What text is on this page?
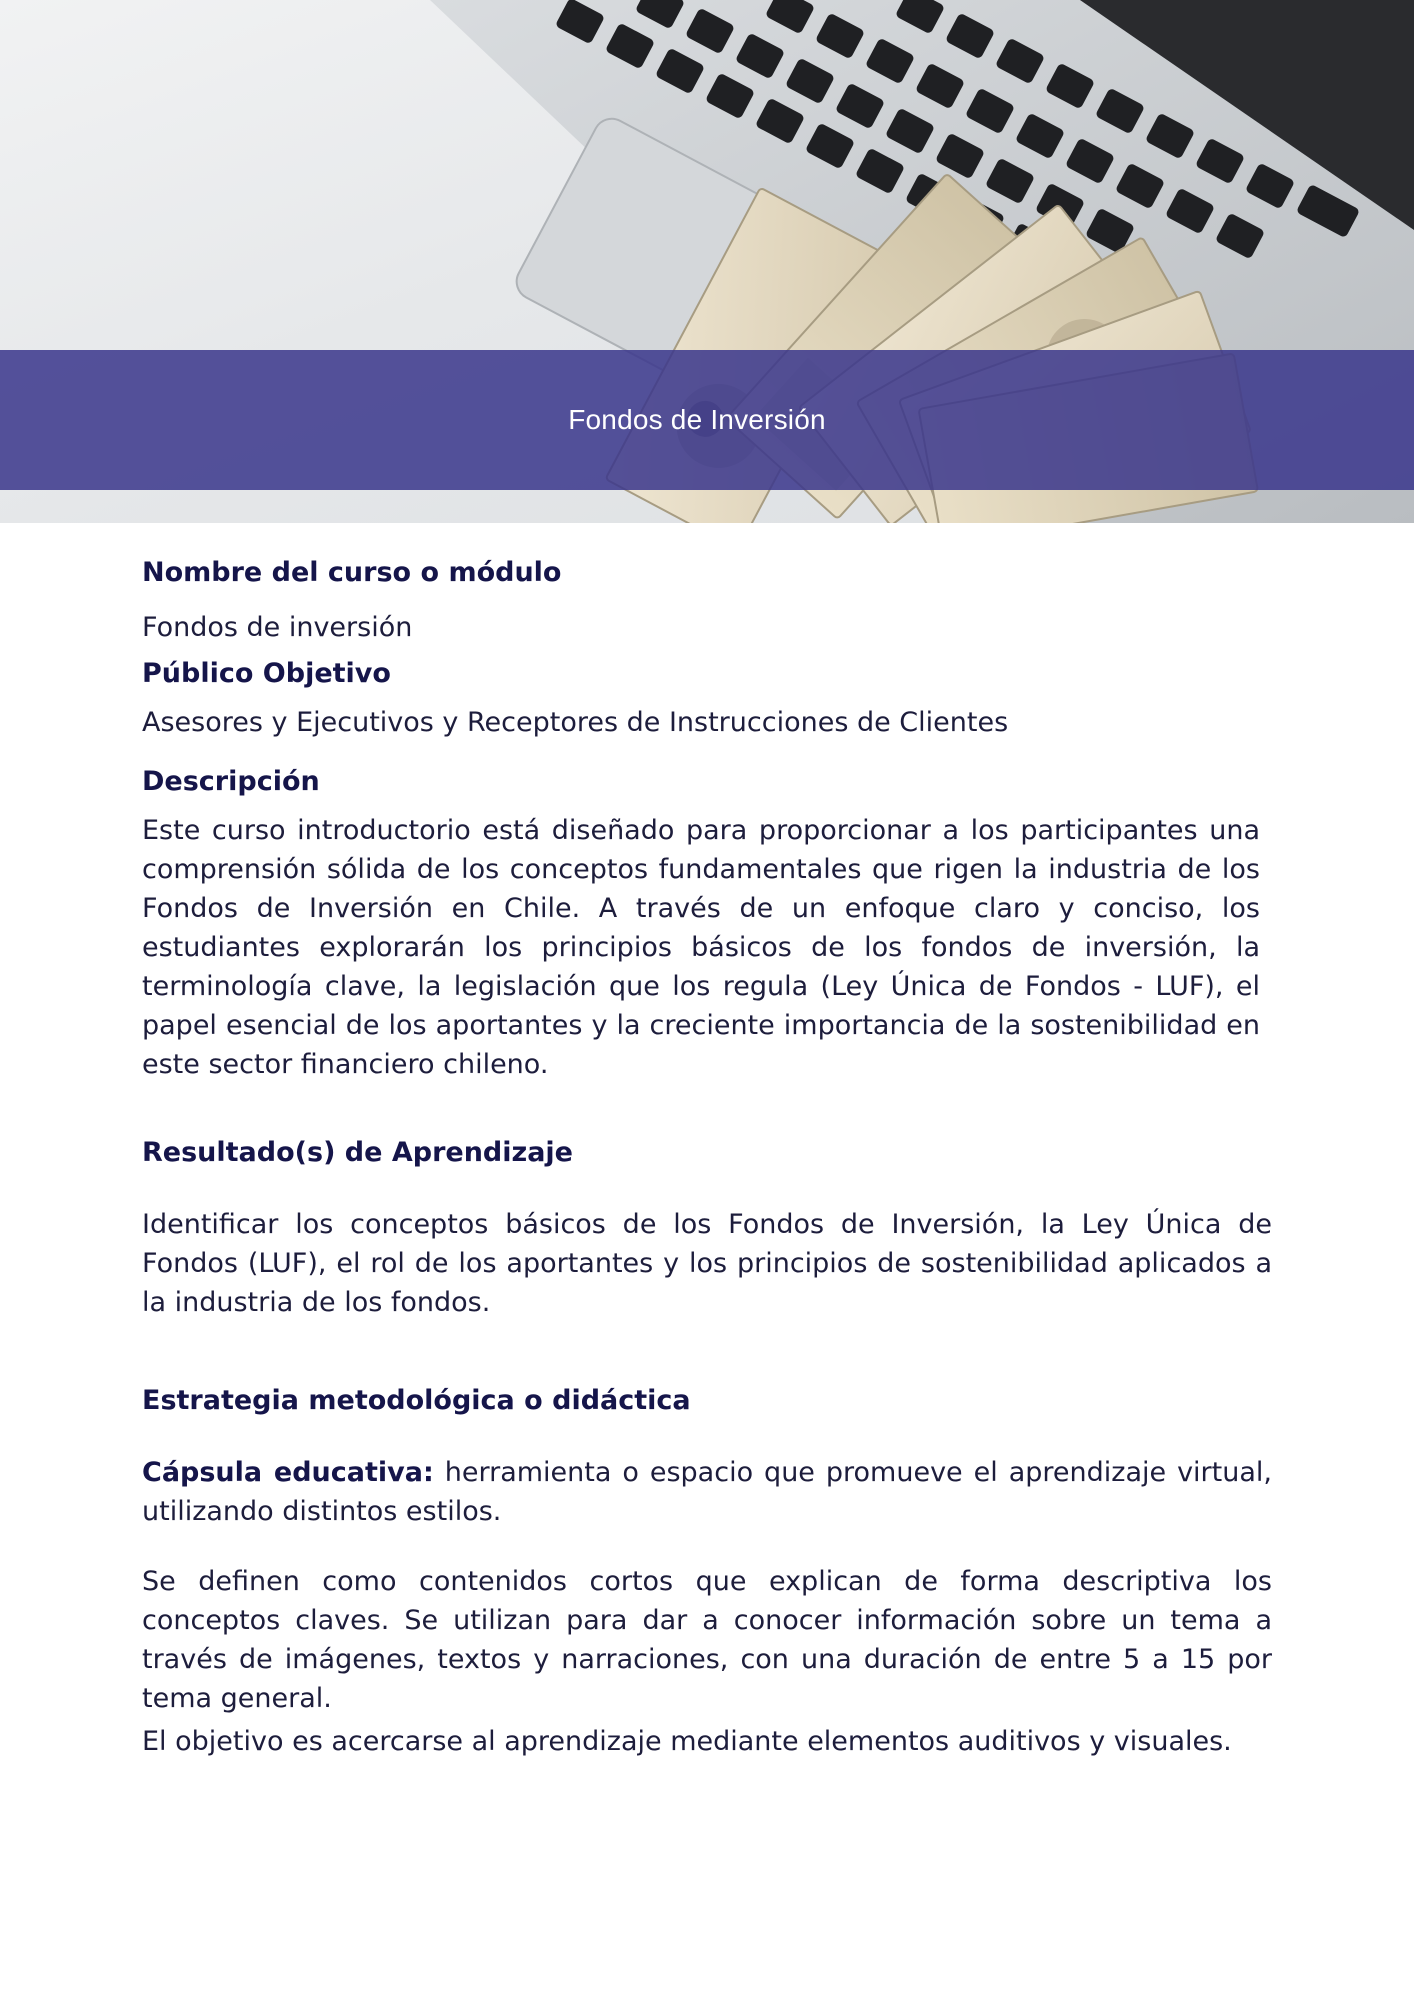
Fondos de Inversión
Nombre del curso o módulo
Fondos de inversión
Público Objetivo
Asesores y Ejecutivos y Receptores de Instrucciones de Clientes
Descripción
Este curso introductorio está diseñado para proporcionar a los participantes una comprensión sólida de los conceptos fundamentales que rigen la industria de los Fondos de Inversión en Chile. A través de un enfoque claro y conciso, los estudiantes explorarán los principios básicos de los fondos de inversión, la terminología clave, la legislación que los regula (Ley Única de Fondos - LUF), el papel esencial de los aportantes y la creciente importancia de la sostenibilidad en este sector financiero chileno.
Resultado(s) de Aprendizaje
Identificar los conceptos básicos de los Fondos de Inversión, la Ley Única de Fondos (LUF), el rol de los aportantes y los principios de sostenibilidad aplicados a la industria de los fondos.
Estrategia metodológica o didáctica
Cápsula educativa: herramienta o espacio que promueve el aprendizaje virtual, utilizando distintos estilos.
Se definen como contenidos cortos que explican de forma descriptiva los conceptos claves. Se utilizan para dar a conocer información sobre un tema a través de imágenes, textos y narraciones, con una duración de entre 5 a 15 por tema general.
El objetivo es acercarse al aprendizaje mediante elementos auditivos y visuales.
